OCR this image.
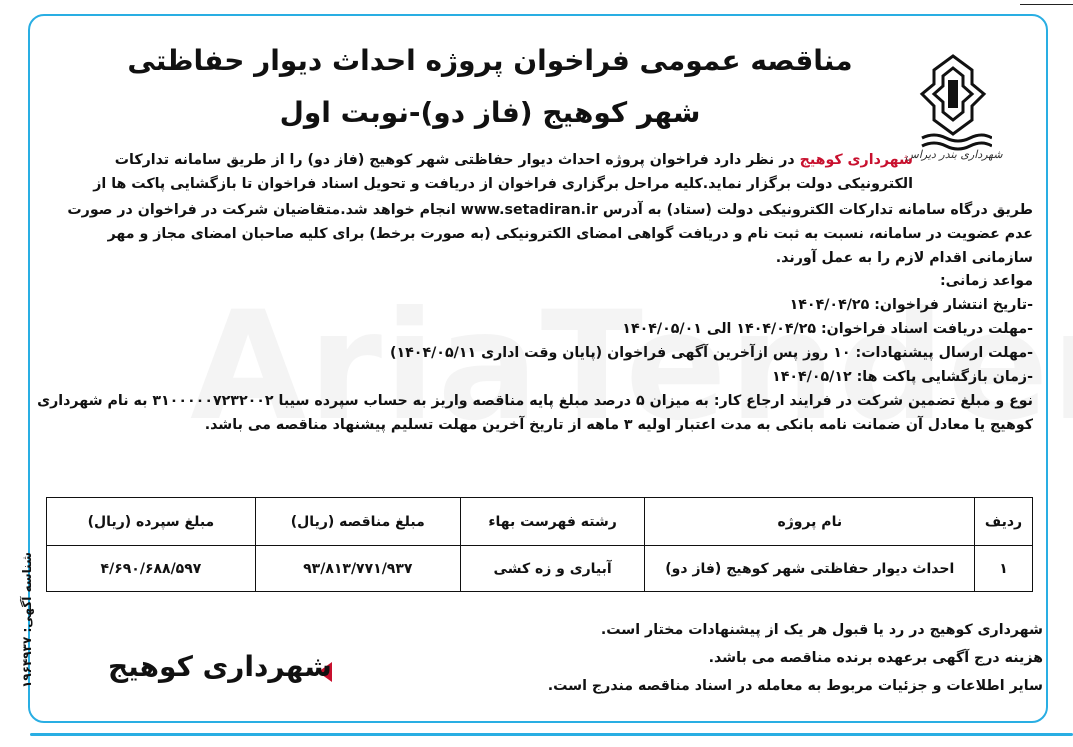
شهرداری بندر دیراس
مناقصه عمومی فراخوان پروژه احداث دیوار حفاظتی
شهر کوهیج (فاز دو)-نوبت اول
شهرداری کوهیج در نظر دارد فراخوان پروژه احداث دیوار حفاظتی شهر کوهیج (فاز دو) را از طریق سامانه تدارکات
الکترونیکی دولت برگزار نماید.کلیه مراحل برگزاری فراخوان از دریافت و تحویل اسناد فراخوان تا بازگشایی پاکت ها از
طریق درگاه سامانه تدارکات الکترونیکی دولت (ستاد) به آدرس www.setadiran.ir انجام خواهد شد.متقاضیان شرکت در فراخوان در صورت
عدم عضویت در سامانه، نسبت به ثبت نام و دریافت گواهی امضای الکترونیکی (به صورت برخط) برای کلیه صاحبان امضای مجاز و مهر
سازمانی اقدام لازم را به عمل آورند.
مواعد زمانی:
-تاریخ انتشار فراخوان: ۱۴۰۴/۰۴/۲۵
-مهلت دریافت اسناد فراخوان: ۱۴۰۴/۰۴/۲۵ الی ۱۴۰۴/۰۵/۰۱
-مهلت ارسال پیشنهادات: ۱۰ روز پس ازآخرین آگهی فراخوان (پایان وقت اداری ۱۴۰۴/۰۵/۱۱)
-زمان بازگشایی پاکت ها: ۱۴۰۴/۰۵/۱۲
نوع و مبلغ تضمین شرکت در فرایند ارجاع کار: به میزان ۵ درصد مبلغ پایه مناقصه واریز به حساب سپرده سیبا ۳۱۰۰۰۰۰۷۲۳۲۰۰۲ به نام شهرداری
کوهیج یا معادل آن ضمانت نامه بانکی به مدت اعتبار اولیه ۳ ماهه از تاریخ آخرین مهلت تسلیم پیشنهاد مناقصه می باشد.
ردیف	نام پروژه	رشته فهرست بهاء	مبلغ مناقصه (ریال)	مبلغ سپرده (ریال)
۱	احداث دیوار حفاظتی شهر کوهیج (فاز دو)	آبیاری و زه کشی	۹۳/۸۱۳/۷۷۱/۹۳۷	۴/۶۹۰/۶۸۸/۵۹۷
شهرداری کوهیج در رد یا قبول هر یک از پیشنهادات مختار است.
هزینه درج آگهی برعهده برنده مناقصه می باشد.
سایر اطلاعات و جزئیات مربوط به معامله در اسناد مناقصه مندرج است.
شهرداری کوهیج
شناسه آگهی: ۱۹۶۴۹۳۷
